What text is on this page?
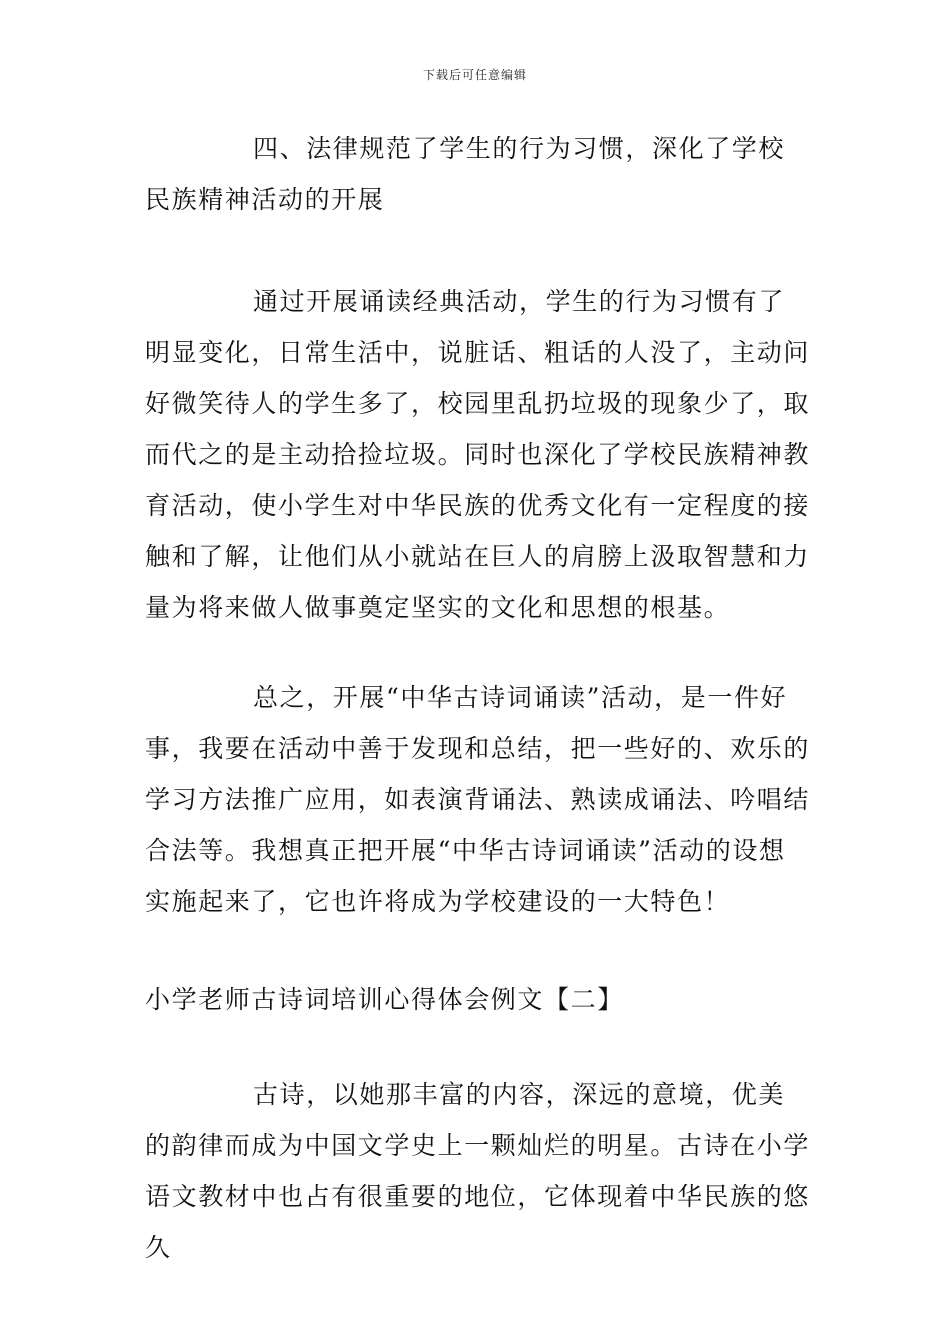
下载后可任意编辑
四、法律规范了学生的行为习惯，深化了学校民族精神活动的开展
通过开展诵读经典活动，学生的行为习惯有了明显变化，日常生活中，说脏话、粗话的人没了，主动问好微笑待人的学生多了，校园里乱扔垃圾的现象少了，取而代之的是主动拾捡垃圾。同时也深化了学校民族精神教育活动，使小学生对中华民族的优秀文化有一定程度的接触和了解，让他们从小就站在巨人的肩膀上汲取智慧和力量为将来做人做事奠定坚实的文化和思想的根基。
总之，开展“中华古诗词诵读”活动，是一件好事，我要在活动中善于发现和总结，把一些好的、欢乐的学习方法推广应用，如表演背诵法、熟读成诵法、吟唱结合法等。我想真正把开展“中华古诗词诵读”活动的设想实施起来了，它也许将成为学校建设的一大特色！
小学老师古诗词培训心得体会例文【二】
古诗，以她那丰富的内容，深远的意境，优美的韵律而成为中国文学史上一颗灿烂的明星。古诗在小学语文教材中也占有很重要的地位，它体现着中华民族的悠久
